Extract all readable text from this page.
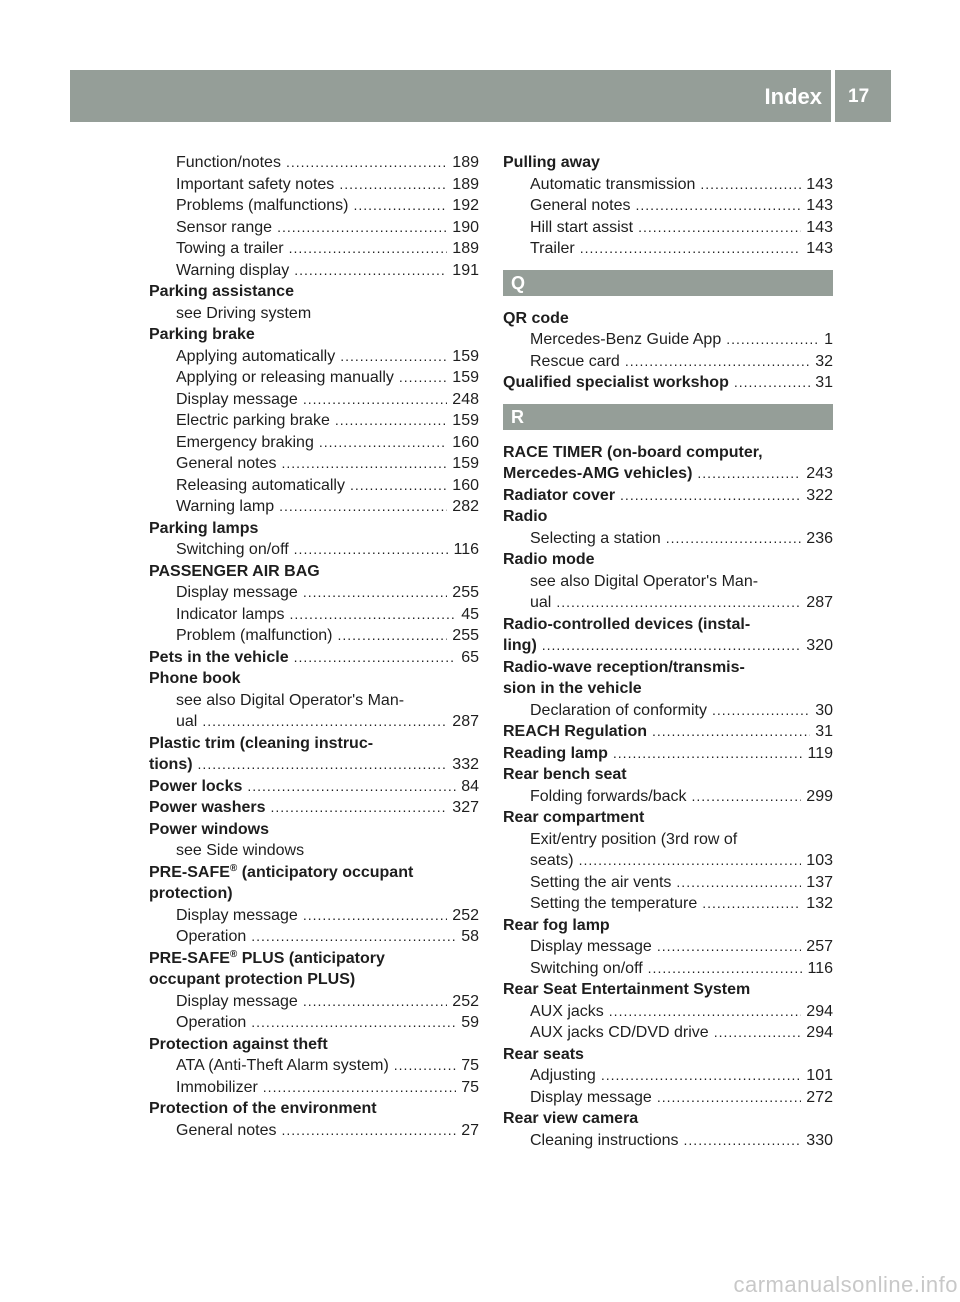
Index 17
Function/notes .....	189
Important safety notes .....	189
Problems (malfunctions) .....	192
Sensor range .....	190
Towing a trailer .....	189
Warning display .....	191
Parking assistance
see Driving system
Parking brake
Applying automatically .....	159
Applying or releasing manually .....	159
Display message .....	248
Electric parking brake .....	159
Emergency braking .....	160
General notes .....	159
Releasing automatically .....	160
Warning lamp .....	282
Parking lamps
Switching on/off .....	116
PASSENGER AIR BAG
Display message .....	255
Indicator lamps .....	45
Problem (malfunction) .....	255
Pets in the vehicle .....	65
Phone book
see also Digital Operator's Man-
ual .....	287
Plastic trim (cleaning instruc-
tions) .....	332
Power locks .....	84
Power washers .....	327
Power windows
see Side windows
PRE-SAFE® (anticipatory occupant
protection)
Display message .....	252
Operation .....	58
PRE-SAFE® PLUS (anticipatory
occupant protection PLUS)
Display message .....	252
Operation .....	59
Protection against theft
ATA (Anti-Theft Alarm system) .....	75
Immobilizer .....	75
Protection of the environment
General notes .....	27
Pulling away
Automatic transmission .....	143
General notes .....	143
Hill start assist .....	143
Trailer .....	143
Q
QR code
Mercedes-Benz Guide App .....	1
Rescue card .....	32
Qualified specialist workshop .....	31
R
RACE TIMER (on-board computer,
Mercedes-AMG vehicles) .....	243
Radiator cover .....	322
Radio
Selecting a station .....	236
Radio mode
see also Digital Operator's Man-
ual .....	287
Radio-controlled devices (instal-
ling) .....	320
Radio-wave reception/transmis-
sion in the vehicle
Declaration of conformity .....	30
REACH Regulation .....	31
Reading lamp .....	119
Rear bench seat
Folding forwards/back .....	299
Rear compartment
Exit/entry position (3rd row of
seats) .....	103
Setting the air vents .....	137
Setting the temperature .....	132
Rear fog lamp
Display message .....	257
Switching on/off .....	116
Rear Seat Entertainment System
AUX jacks .....	294
AUX jacks CD/DVD drive .....	294
Rear seats
Adjusting .....	101
Display message .....	272
Rear view camera
Cleaning instructions .....	330
carmanualsonline.info
